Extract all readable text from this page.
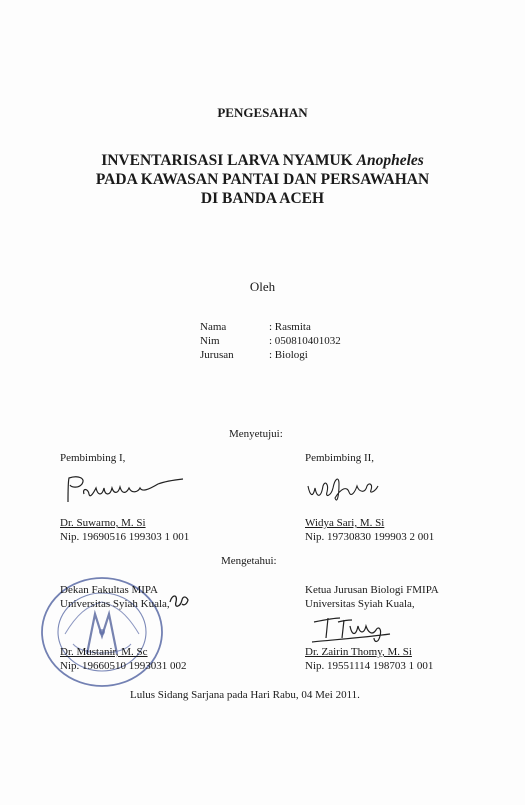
PENGESAHAN
INVENTARISASI LARVA NYAMUK Anopheles
PADA KAWASAN PANTAI DAN PERSAWAHAN
DI BANDA ACEH
Oleh
Nama	: Rasmita
Nim	: 050810401032
Jurusan	: Biologi
Menyetujui:
Pembimbing I,
Dr. Suwarno, M. Si
Nip. 19690516 199303 1 001
Pembimbing II,
Widya Sari, M. Si
Nip. 19730830 199903 2 001
Mengetahui:
Dekan Fakultas MIPA
Universitas Syiah Kuala,
Dr. Mustanir, M. Sc
Nip. 19660510 1993031 002
Ketua Jurusan Biologi FMIPA
Universitas Syiah Kuala,
Dr. Zairin Thomy, M. Si
Nip. 19551114 198703 1 001
Lulus Sidang Sarjana pada Hari Rabu, 04 Mei 2011.
